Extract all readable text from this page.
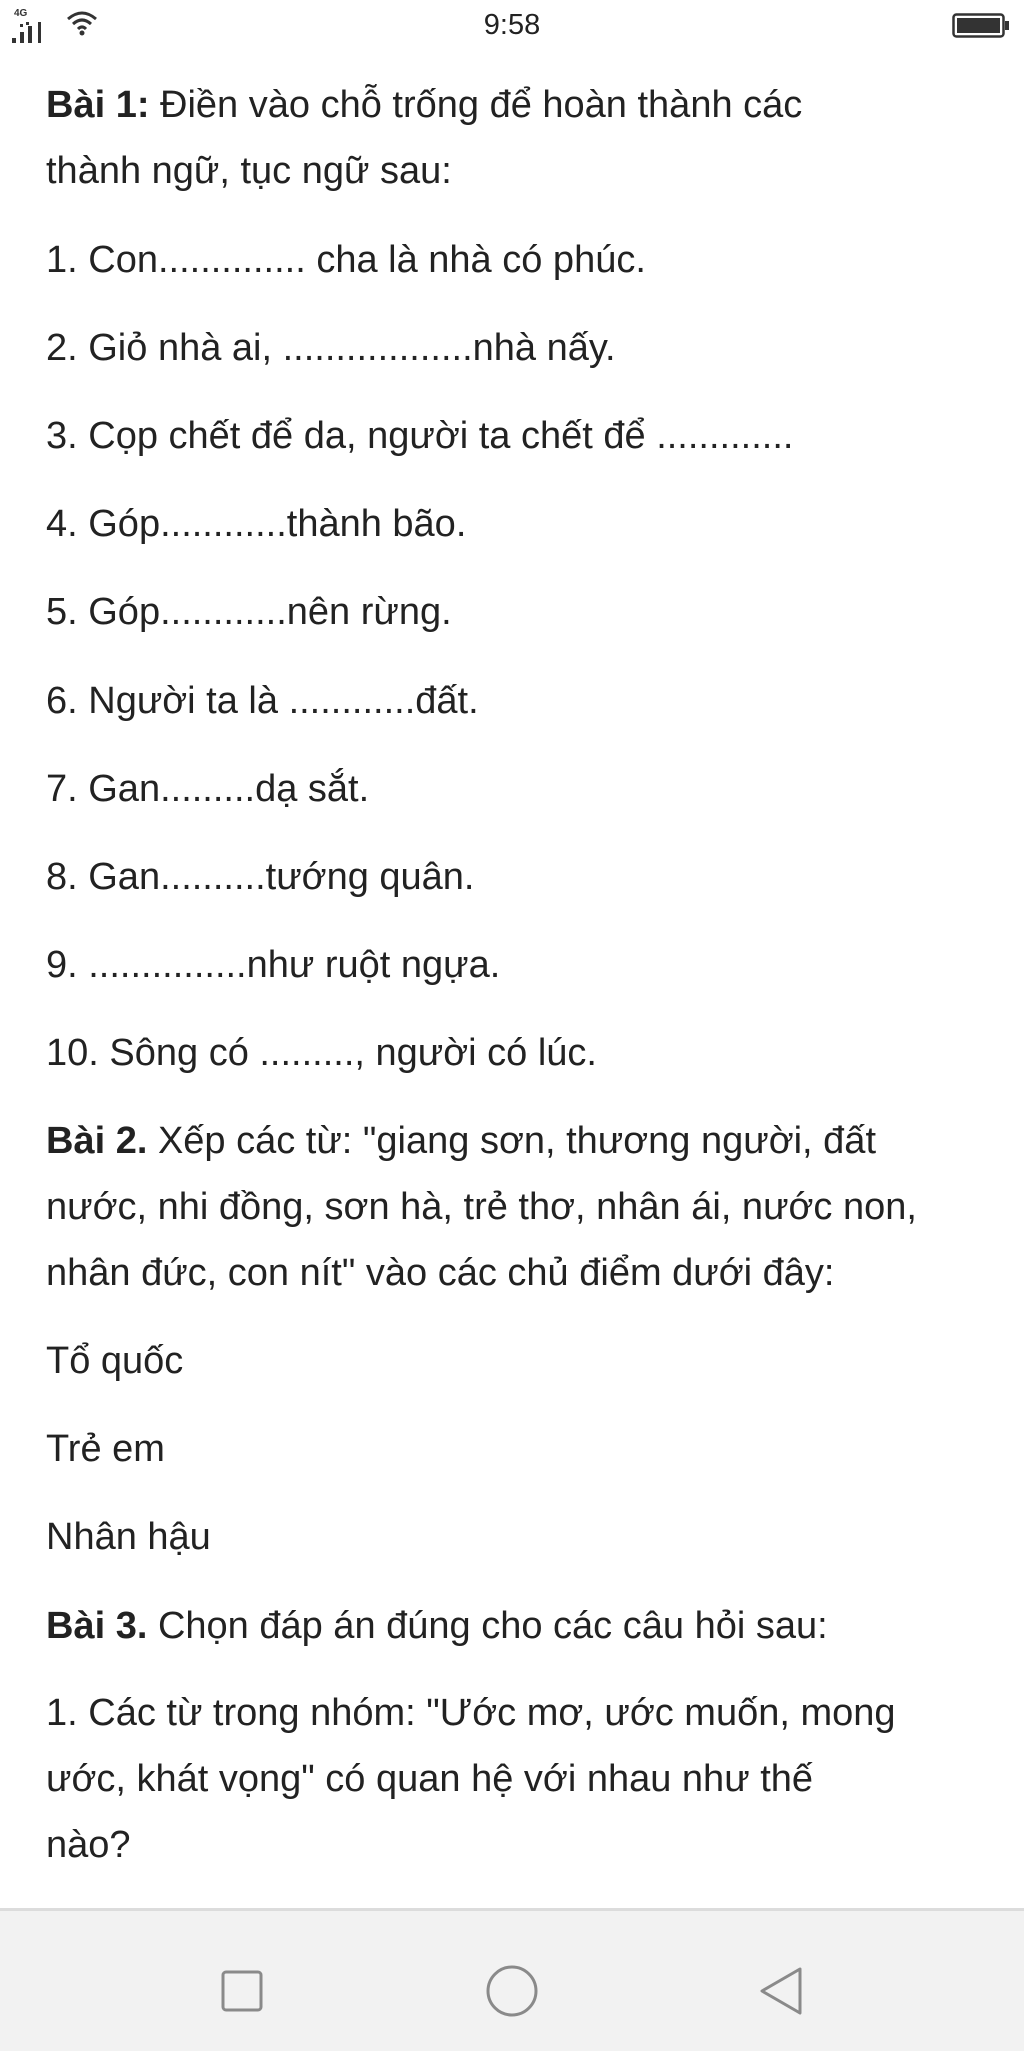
4G	9:58
Bài 1: Điền vào chỗ trống để hoàn thành các
thành ngữ, tục ngữ sau:
1. Con.............. cha là nhà có phúc.
2. Giỏ nhà ai, ..................nhà nấy.
3. Cọp chết để da, người ta chết để .............
4. Góp............thành bão.
5. Góp............nên rừng.
6. Người ta là ............đất.
7. Gan.........dạ sắt.
8. Gan..........tướng quân.
9. ...............như ruột ngựa.
10. Sông có ........., người có lúc.
Bài 2. Xếp các từ: "giang sơn, thương người, đất
nước, nhi đồng, sơn hà, trẻ thơ, nhân ái, nước non,
nhân đức, con nít" vào các chủ điểm dưới đây:
Tổ quốc
Trẻ em
Nhân hậu
Bài 3. Chọn đáp án đúng cho các câu hỏi sau:
1. Các từ trong nhóm: "Ước mơ, ước muốn, mong
ước, khát vọng" có quan hệ với nhau như thế
nào?
